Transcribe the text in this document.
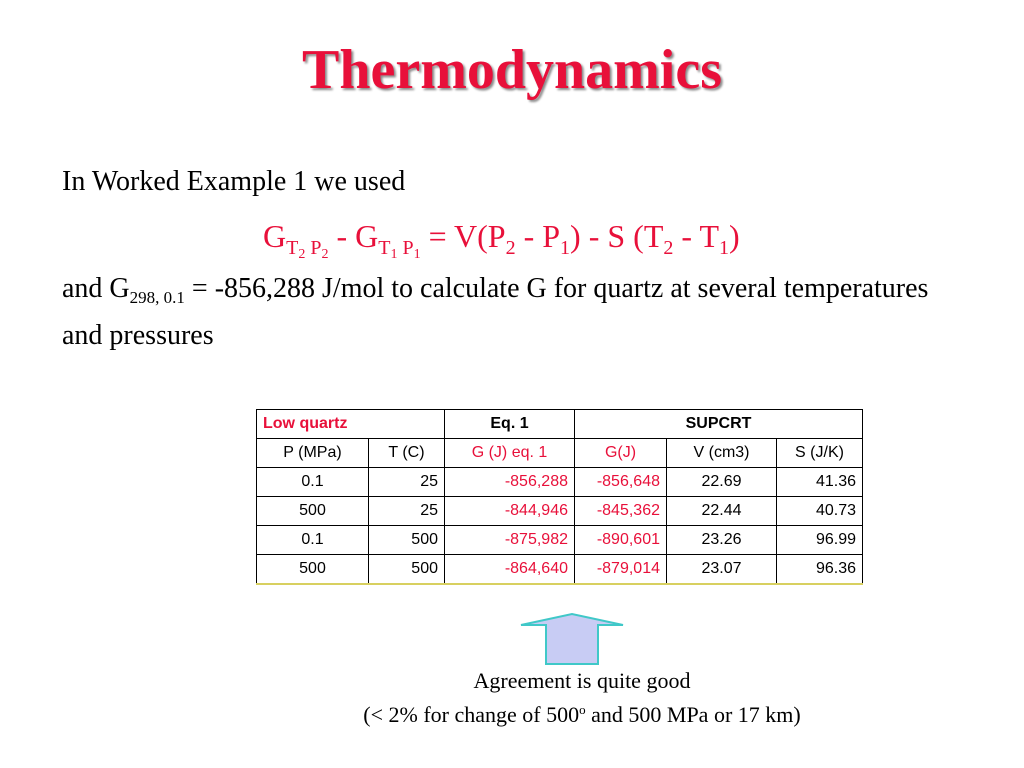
Thermodynamics
In Worked Example 1 we used
$G_{T_2 P_2} - G_{T_1 P_1} = V(P_2 - P_1) - S$ $(T_2 - T_1)$
and $G_{298, 0.1} = -856,288$ J/mol to calculate G for quartz at several temperatures and pressures
Low quartz		Eq. 1	SUPCRT		
P (MPa)	T (C)	G (J) eq. 1	G(J)	V (cm3)	S (J/K)
0.1	25	-856,288	-856,648	22.69	41.36
500	25	-844,946	-845,362	22.44	40.73
0.1	500	-875,982	-890,601	23.26	96.99
500	500	-864,640	-879,014	23.07	96.36
Agreement is quite good
(< 2% for change of 500$^o$ and 500 MPa or 17 km)
